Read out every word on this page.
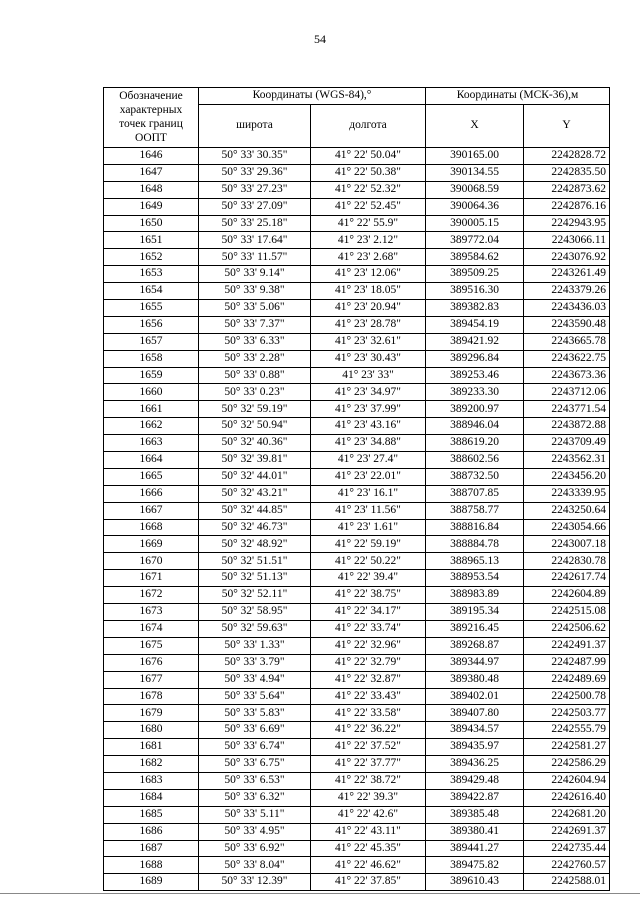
54
Обозначение характерных точек границ ООПТ	Координаты (WGS-84),°		Координаты (МСК-36),м	
	широта	долгота	X	Y
1646	50° 33' 30.35"	41° 22' 50.04"	390165.00	2242828.72
1647	50° 33' 29.36"	41° 22' 50.38"	390134.55	2242835.50
1648	50° 33' 27.23"	41° 22' 52.32"	390068.59	2242873.62
1649	50° 33' 27.09"	41° 22' 52.45"	390064.36	2242876.16
1650	50° 33' 25.18"	41° 22' 55.9"	390005.15	2242943.95
1651	50° 33' 17.64"	41° 23' 2.12"	389772.04	2243066.11
1652	50° 33' 11.57"	41° 23' 2.68"	389584.62	2243076.92
1653	50° 33' 9.14"	41° 23' 12.06"	389509.25	2243261.49
1654	50° 33' 9.38"	41° 23' 18.05"	389516.30	2243379.26
1655	50° 33' 5.06"	41° 23' 20.94"	389382.83	2243436.03
1656	50° 33' 7.37"	41° 23' 28.78"	389454.19	2243590.48
1657	50° 33' 6.33"	41° 23' 32.61"	389421.92	2243665.78
1658	50° 33' 2.28"	41° 23' 30.43"	389296.84	2243622.75
1659	50° 33' 0.88"	41° 23' 33"	389253.46	2243673.36
1660	50° 33' 0.23"	41° 23' 34.97"	389233.30	2243712.06
1661	50° 32' 59.19"	41° 23' 37.99"	389200.97	2243771.54
1662	50° 32' 50.94"	41° 23' 43.16"	388946.04	2243872.88
1663	50° 32' 40.36"	41° 23' 34.88"	388619.20	2243709.49
1664	50° 32' 39.81"	41° 23' 27.4"	388602.56	2243562.31
1665	50° 32' 44.01"	41° 23' 22.01"	388732.50	2243456.20
1666	50° 32' 43.21"	41° 23' 16.1"	388707.85	2243339.95
1667	50° 32' 44.85"	41° 23' 11.56"	388758.77	2243250.64
1668	50° 32' 46.73"	41° 23' 1.61"	388816.84	2243054.66
1669	50° 32' 48.92"	41° 22' 59.19"	388884.78	2243007.18
1670	50° 32' 51.51"	41° 22' 50.22"	388965.13	2242830.78
1671	50° 32' 51.13"	41° 22' 39.4"	388953.54	2242617.74
1672	50° 32' 52.11"	41° 22' 38.75"	388983.89	2242604.89
1673	50° 32' 58.95"	41° 22' 34.17"	389195.34	2242515.08
1674	50° 32' 59.63"	41° 22' 33.74"	389216.45	2242506.62
1675	50° 33' 1.33"	41° 22' 32.96"	389268.87	2242491.37
1676	50° 33' 3.79"	41° 22' 32.79"	389344.97	2242487.99
1677	50° 33' 4.94"	41° 22' 32.87"	389380.48	2242489.69
1678	50° 33' 5.64"	41° 22' 33.43"	389402.01	2242500.78
1679	50° 33' 5.83"	41° 22' 33.58"	389407.80	2242503.77
1680	50° 33' 6.69"	41° 22' 36.22"	389434.57	2242555.79
1681	50° 33' 6.74"	41° 22' 37.52"	389435.97	2242581.27
1682	50° 33' 6.75"	41° 22' 37.77"	389436.25	2242586.29
1683	50° 33' 6.53"	41° 22' 38.72"	389429.48	2242604.94
1684	50° 33' 6.32"	41° 22' 39.3"	389422.87	2242616.40
1685	50° 33' 5.11"	41° 22' 42.6"	389385.48	2242681.20
1686	50° 33' 4.95"	41° 22' 43.11"	389380.41	2242691.37
1687	50° 33' 6.92"	41° 22' 45.35"	389441.27	2242735.44
1688	50° 33' 8.04"	41° 22' 46.62"	389475.82	2242760.57
1689	50° 33' 12.39"	41° 22' 37.85"	389610.43	2242588.01
